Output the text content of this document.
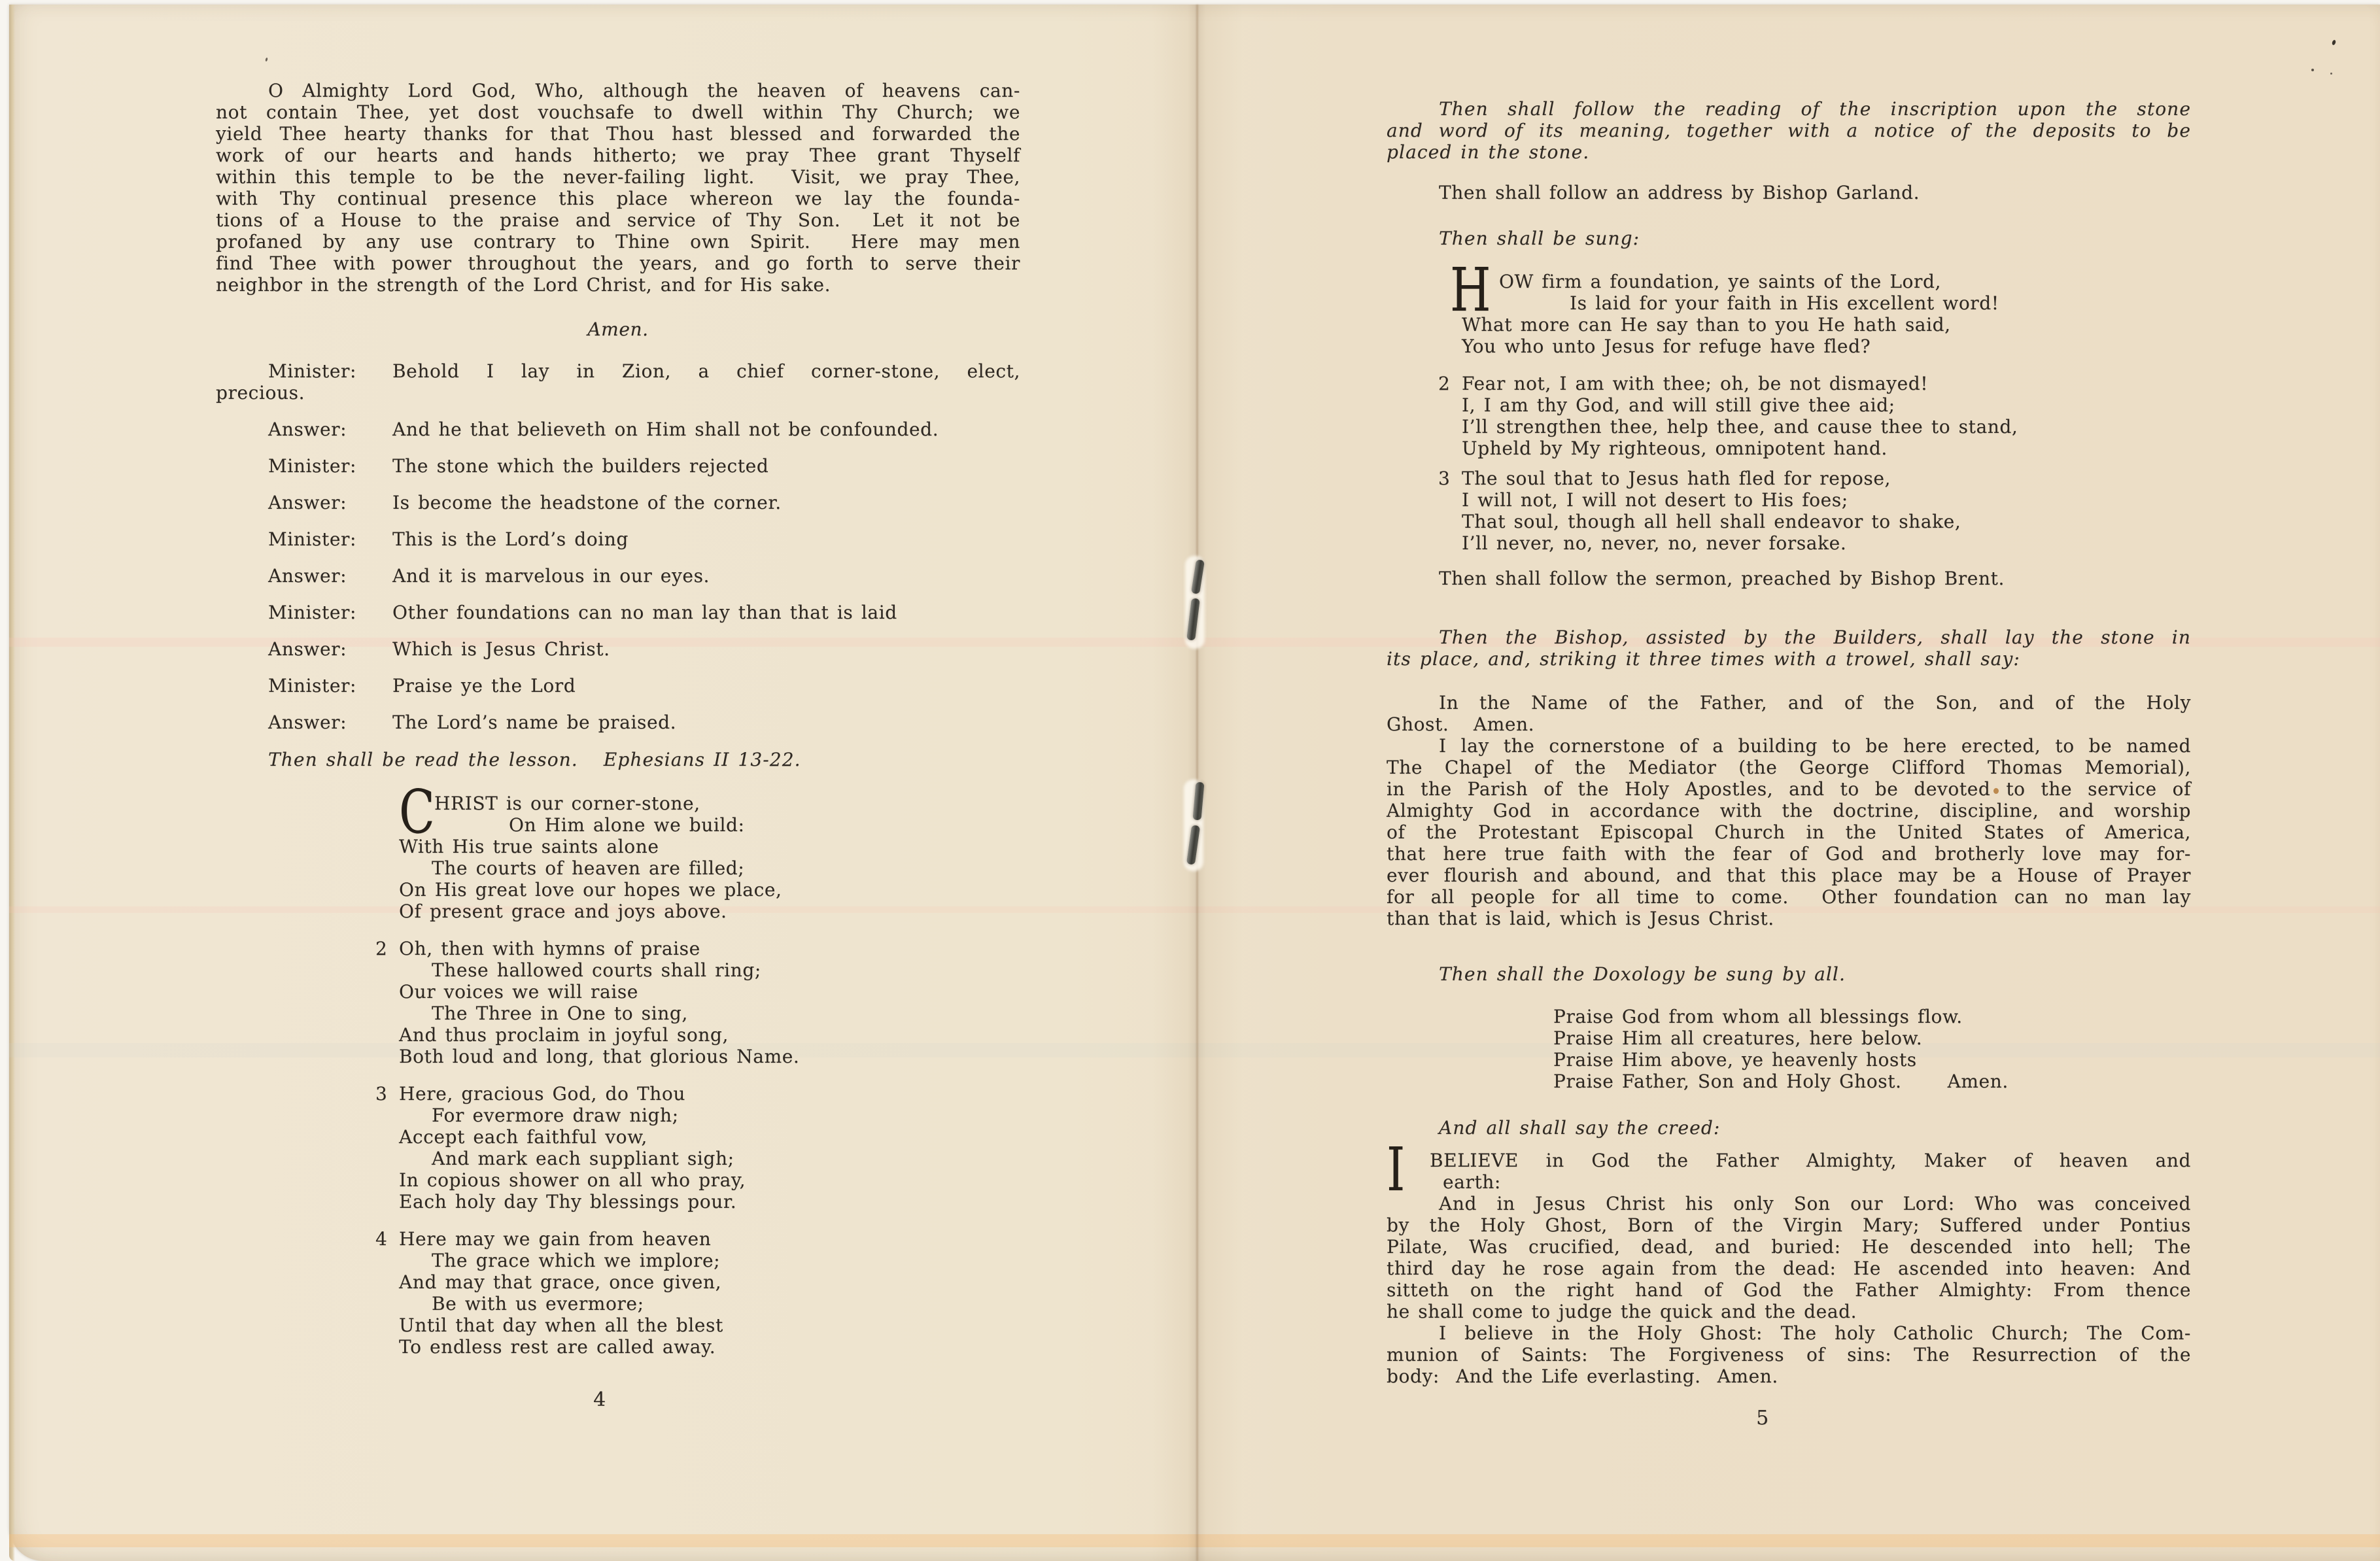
O Almighty Lord God, Who, although the heaven of heavens can-
not contain Thee, yet dost vouchsafe to dwell within Thy Church; we
yield Thee hearty thanks for that Thou hast blessed and forwarded the
work of our hearts and hands hitherto; we pray Thee grant Thyself
within this temple to be the never-failing light.  Visit, we pray Thee,
with Thy continual presence this place whereon we lay the founda-
tions of a House to the praise and service of Thy Son.  Let it not be
profaned by any use contrary to Thine own Spirit.  Here may men
find Thee with power throughout the years, and go forth to serve their
neighbor in the strength of the Lord Christ, and for His sake.
Amen.
Minister: Behold I lay in Zion, a chief corner-stone, elect,
precious.
Answer: And he that believeth on Him shall not be confounded.
Minister: The stone which the builders rejected
Answer: Is become the headstone of the corner.
Minister: This is the Lord’s doing
Answer: And it is marvelous in our eyes.
Minister: Other foundations can no man lay than that is laid
Answer: Which is Jesus Christ.
Minister: Praise ye the Lord
Answer: The Lord’s name be praised.
Then shall be read the lesson.   Ephesians II 13-22.
C HRIST is our corner-stone,
On Him alone we build:
With His true saints alone
The courts of heaven are filled;
On His great love our hopes we place,
Of present grace and joys above.
2 Oh, then with hymns of praise
These hallowed courts shall ring;
Our voices we will raise
The Three in One to sing,
And thus proclaim in joyful song,
Both loud and long, that glorious Name.
3 Here, gracious God, do Thou
For evermore draw nigh;
Accept each faithful vow,
And mark each suppliant sigh;
In copious shower on all who pray,
Each holy day Thy blessings pour.
4 Here may we gain from heaven
The grace which we implore;
And may that grace, once given,
Be with us evermore;
Until that day when all the blest
To endless rest are called away.
4
Then shall follow the reading of the inscription upon the stone
and word of its meaning, together with a notice of the deposits to be
placed in the stone.
Then shall follow an address by Bishop Garland.
Then shall be sung:
H OW firm a foundation, ye saints of the Lord,
Is laid for your faith in His excellent word!
What more can He say than to you He hath said,
You who unto Jesus for refuge have fled?
2 Fear not, I am with thee; oh, be not dismayed!
I, I am thy God, and will still give thee aid;
I’ll strengthen thee, help thee, and cause thee to stand,
Upheld by My righteous, omnipotent hand.
3 The soul that to Jesus hath fled for repose,
I will not, I will not desert to His foes;
That soul, though all hell shall endeavor to shake,
I’ll never, no, never, no, never forsake.
Then shall follow the sermon, preached by Bishop Brent.
Then the Bishop, assisted by the Builders, shall lay the stone in
its place, and, striking it three times with a trowel, shall say:
In the Name of the Father, and of the Son, and of the Holy
Ghost.   Amen.
I lay the cornerstone of a building to be here erected, to be named
The Chapel of the Mediator (the George Clifford Thomas Memorial),
in the Parish of the Holy Apostles, and to be devoted to the service of
Almighty God in accordance with the doctrine, discipline, and worship
of the Protestant Episcopal Church in the United States of America,
that here true faith with the fear of God and brotherly love may for-
ever flourish and abound, and that this place may be a House of Prayer
for all people for all time to come.  Other foundation can no man lay
than that is laid, which is Jesus Christ.
Then shall the Doxology be sung by all.
Praise God from whom all blessings flow.
Praise Him all creatures, here below.
Praise Him above, ye heavenly hosts
Praise Father, Son and Holy Ghost.	Amen.
And all shall say the creed:
I	BELIEVE in God the Father Almighty, Maker of heaven and
earth:
And in Jesus Christ his only Son our Lord: Who was conceived
by the Holy Ghost, Born of the Virgin Mary; Suffered under Pontius
Pilate, Was crucified, dead, and buried: He descended into hell; The
third day he rose again from the dead: He ascended into heaven: And
sitteth on the right hand of God the Father Almighty: From thence
he shall come to judge the quick and the dead.
I believe in the Holy Ghost: The holy Catholic Church; The Com-
munion of Saints: The Forgiveness of sins: The Resurrection of the
body:  And the Life everlasting.  Amen.
5
